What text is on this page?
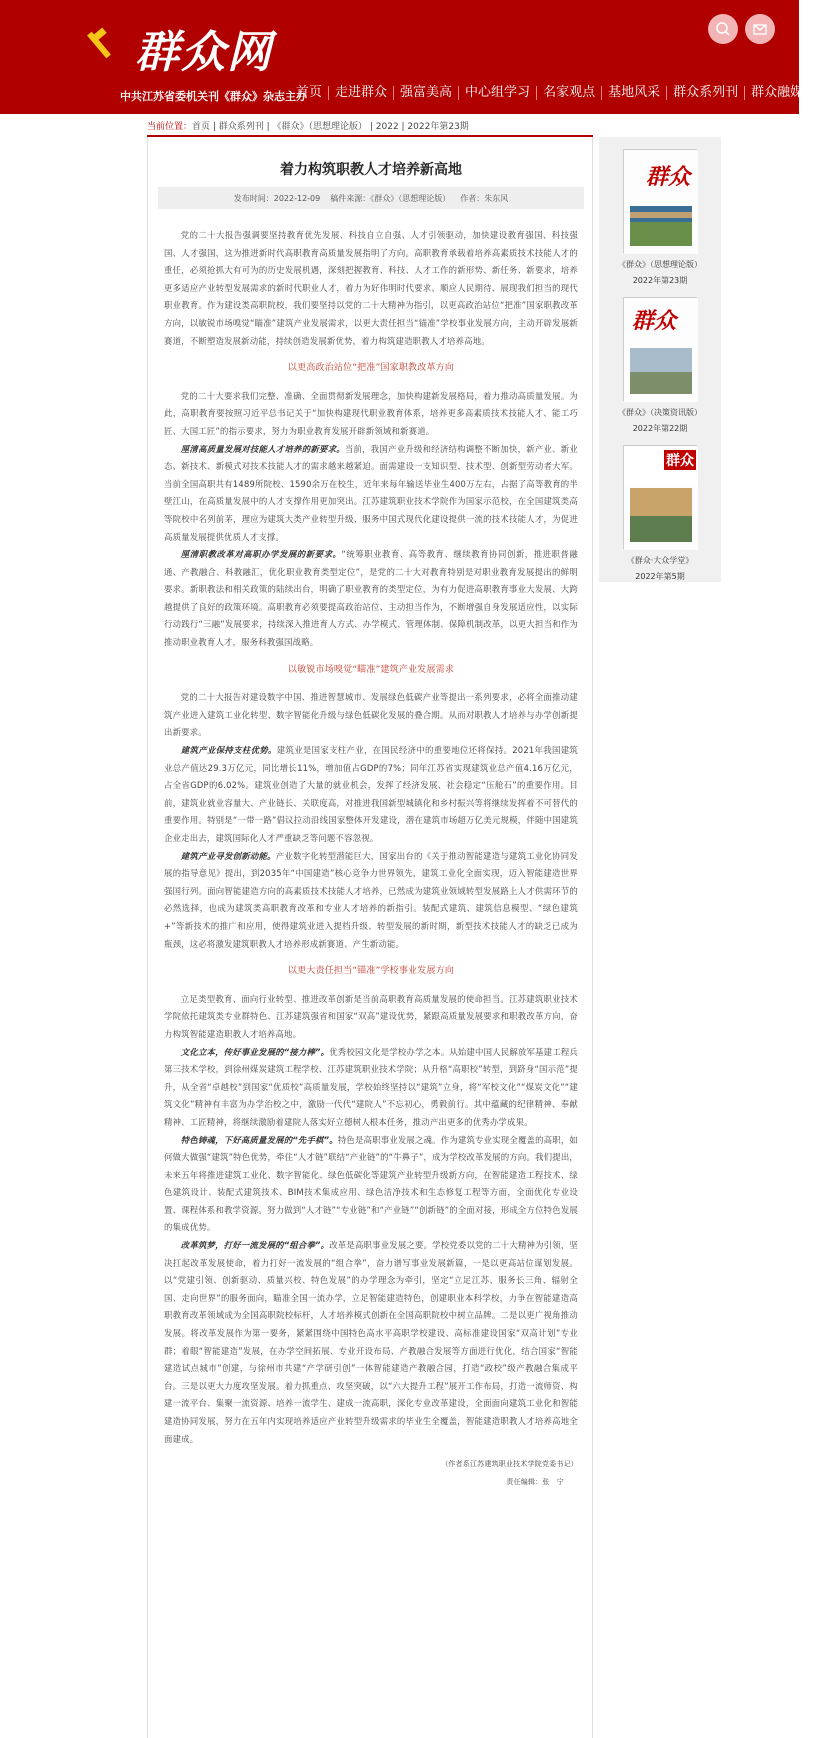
群众网
中共江苏省委机关刊《群众》杂志主办
首页	走进群众	强富美高	中心组学习	名家观点	基地风采	群众系列刊	群众融媒体
当前位置：首页 | 群众系列刊 | 《群众》（思想理论版） | 2022 | 2022年第23期
着力构筑职教人才培养新高地
发布时间：2022-12-09 稿件来源：《群众》（思想理论版） 作者：朱东风

党的二十大报告强调要坚持教育优先发展、科技自立自强、人才引领驱动，加快建设教育强国、科技强国、人才强国，这为推进新时代高职教育高质量发展指明了方向。高职教育承载着培养高素质技术技能人才的重任，必须抢抓大有可为的历史发展机遇，深刻把握教育、科技、人才工作的新形势、新任务、新要求，培养更多适应产业转型发展需求的新时代职业人才，着力为好伟明时代要求、顺应人民期待、展现我们担当的现代职业教育。作为建设类高职院校，我们要坚持以党的二十大精神为指引，以更高政治站位“把准”国家职教改革方向，以敏锐市场嗅觉“瞄准”建筑产业发展需求，以更大责任担当“锚准”学校事业发展方向，主动开辟发展新赛道，不断塑造发展新动能，持续创造发展新优势，着力构筑建造职教人才培养高地。

以更高政治站位“把准”国家职教改革方向

党的二十大要求我们完整、准确、全面贯彻新发展理念，加快构建新发展格局，着力推动高质量发展。为此，高职教育要按照习近平总书记关于“加快构建现代职业教育体系，培养更多高素质技术技能人才、能工巧匠、大国工匠”的指示要求，努力为职业教育发展开辟新领域和新赛道。

厘清高质量发展对技能人才培养的新要求。当前，我国产业升级和经济结构调整不断加快，新产业、新业态、新技术、新模式对技术技能人才的需求越来越紧迫。面需建设一支知识型、技术型、创新型劳动者大军。当前全国高职共有1489所院校、1590余万在校生，近年来每年输送毕业生400万左右，占据了高等教育的半壁江山，在高质量发展中的人才支撑作用更加突出。江苏建筑职业技术学院作为国家示范校，在全国建筑类高等院校中名列前茅，理应为建筑大类产业转型升级、服务中国式现代化建设提供一流的技术技能人才，为促进高质量发展提供优质人才支撑。

厘清职教改革对高职办学发展的新要求。“统筹职业教育、高等教育、继续教育协同创新，推进职普融通、产教融合、科教融汇，优化职业教育类型定位”，是党的二十大对教育特别是对职业教育发展提出的鲜明要求。新职教法和相关政策的陆续出台，明确了职业教育的类型定位，为有力促进高职教育事业大发展、大跨越提供了良好的政策环境。高职教育必须要提高政治站位、主动担当作为，不断增强自身发展适应性，以实际行动践行“三融”发展要求，持续深入推进育人方式、办学模式、管理体制、保障机制改革，以更大担当和作为推动职业教育人才，服务科教强国战略。

以敏锐市场嗅觉“瞄准”建筑产业发展需求

党的二十大报告对建设数字中国、推进智慧城市、发展绿色低碳产业等提出一系列要求，必将全面推动建筑产业进入建筑工业化转型、数字智能化升级与绿色低碳化发展的叠合期。从而对职教人才培养与办学创新提出新要求。

建筑产业保持支柱优势。建筑业是国家支柱产业，在国民经济中的重要地位还将保持。2021年我国建筑业总产值达29.3万亿元，同比增长11%，增加值占GDP的7%；同年江苏省实现建筑业总产值4.16万亿元，占全省GDP的6.02%。建筑业创造了大量的就业机会，发挥了经济发展、社会稳定“压舱石”的重要作用。目前，建筑业就业容量大、产业链长、关联度高，对推进我国新型城镇化和乡村振兴等将继续发挥着不可替代的重要作用。特别是“一带一路”倡议拉动沿线国家整体开发建设，潜在建筑市场超万亿美元规模，伴随中国建筑企业走出去，建筑国际化人才严重缺乏等问题不容忽视。

建筑产业寻发创新动能。产业数字化转型潜能巨大，国家出台的《关于推动智能建造与建筑工业化协同发展的指导意见》提出，到2035年“中国建造”核心竞争力世界领先，建筑工业化全面实现，迈入智能建造世界强国行列。面向智能建造方向的高素质技术技能人才培养，已然成为建筑业领域转型发展路上人才供需环节的必然选择，也成为建筑类高职教育改革和专业人才培养的新指引。装配式建筑、建筑信息模型、“绿色建筑+”等新技术的推广和应用，使得建筑业进入提档升级、转型发展的新时期，新型技术技能人才的缺乏已成为瓶颈，这必将激发建筑职教人才培养形成新赛道、产生新动能。

以更大责任担当“锚准”学校事业发展方向

立足类型教育、面向行业转型、推进改革创新是当前高职教育高质量发展的使命担当。江苏建筑职业技术学院依托建筑类专业群特色、江苏建筑强省和国家“双高”建设优势，紧跟高质量发展要求和职教改革方向，奋力构筑智能建造职教人才培养高地。

文化立本，传好事业发展的“接力棒”。优秀校园文化是学校办学之本。从始建中国人民解放军基建工程兵第三技术学校，到徐州煤炭建筑工程学校、江苏建筑职业技术学院；从升格“高职校”转型，到跻身“国示范”提升，从全省“卓越校”到国家“优质校”高质量发展，学校始终坚持以“建筑”立身，将“军校文化”“煤炭文化”“建筑文化”精神有丰富为办学治校之中，激励一代代“建院人”不忘初心，勇毅前行。其中蕴藏的纪律精神、奉献精神、工匠精神，将继续激励着建院人落实好立德树人根本任务，推动产出更多的优秀办学成果。

特色铸魂，下好高质量发展的“先手棋”。特色是高职事业发展之魂。作为建筑专业实现全覆盖的高职，如何做大做强“建筑”特色优势，牵住“人才链”联结“产业链”的“牛鼻子”，成为学校改革发展的方向。我们提出，未来五年将推进建筑工业化、数字智能化、绿色低碳化等建筑产业转型升级新方向，在智能建造工程技术、绿色建筑设计、装配式建筑技术、BIM技术集成应用、绿色洁净技术和生态修复工程等方面，全面优化专业设置、课程体系和教学资源。努力做到“人才链”“专业链”和“产业链”“创新链”的全面对接，形成全方位特色发展的集成优势。

改革筑梦，打好一流发展的“组合拳”。改革是高职事业发展之要。学校党委以党的二十大精神为引领，坚决扛起改革发展使命，着力打好一流发展的“组合拳”，奋力谱写事业发展新篇，一是以更高站位谋划发展。以“党建引领、创新驱动、质量兴校、特色发展”的办学理念为牵引，坚定“立足江苏、服务长三角、辐射全国、走向世界”的服务面向，瞄准全国一流办学，立足智能建造特色，创建职业本科学校，力争在智能建造高职教育改革领域成为全国高职院校标杆，人才培养模式创新在全国高职院校中树立品牌。二是以更广视角推动发展。将改革发展作为第一要务，紧紧围绕中国特色高水平高职学校建设、高标准建设国家“双高计划”专业群；着眼“智能建造”发展，在办学空间拓展、专业开设布局、产教融合发展等方面进行优化，结合国家“智能建造试点城市”创建，与徐州市共建“产学研引创”一体智能建造产教融合园，打造“政校”级产教融合集成平台。三是以更大力度攻坚发展。着力抓重点、攻坚突破，以“六大提升工程”展开工作布局，打造一流师资、构建一流平台、集聚一流资源、培养一流学生、建成一流高职，深化专业改革建设，全面面向建筑工业化和智能建造协同发展，努力在五年内实现培养适应产业转型升级需求的毕业生全覆盖，智能建造职教人才培养高地全面建成。

（作者系江苏建筑职业技术学院党委书记）

责任编辑：张　宁

群众
《群众》（思想理论版）
2022年第23期
群众
《群众》（决策资讯版）
2022年第22期
群众
《群众·大众学堂》
2022年第5期
